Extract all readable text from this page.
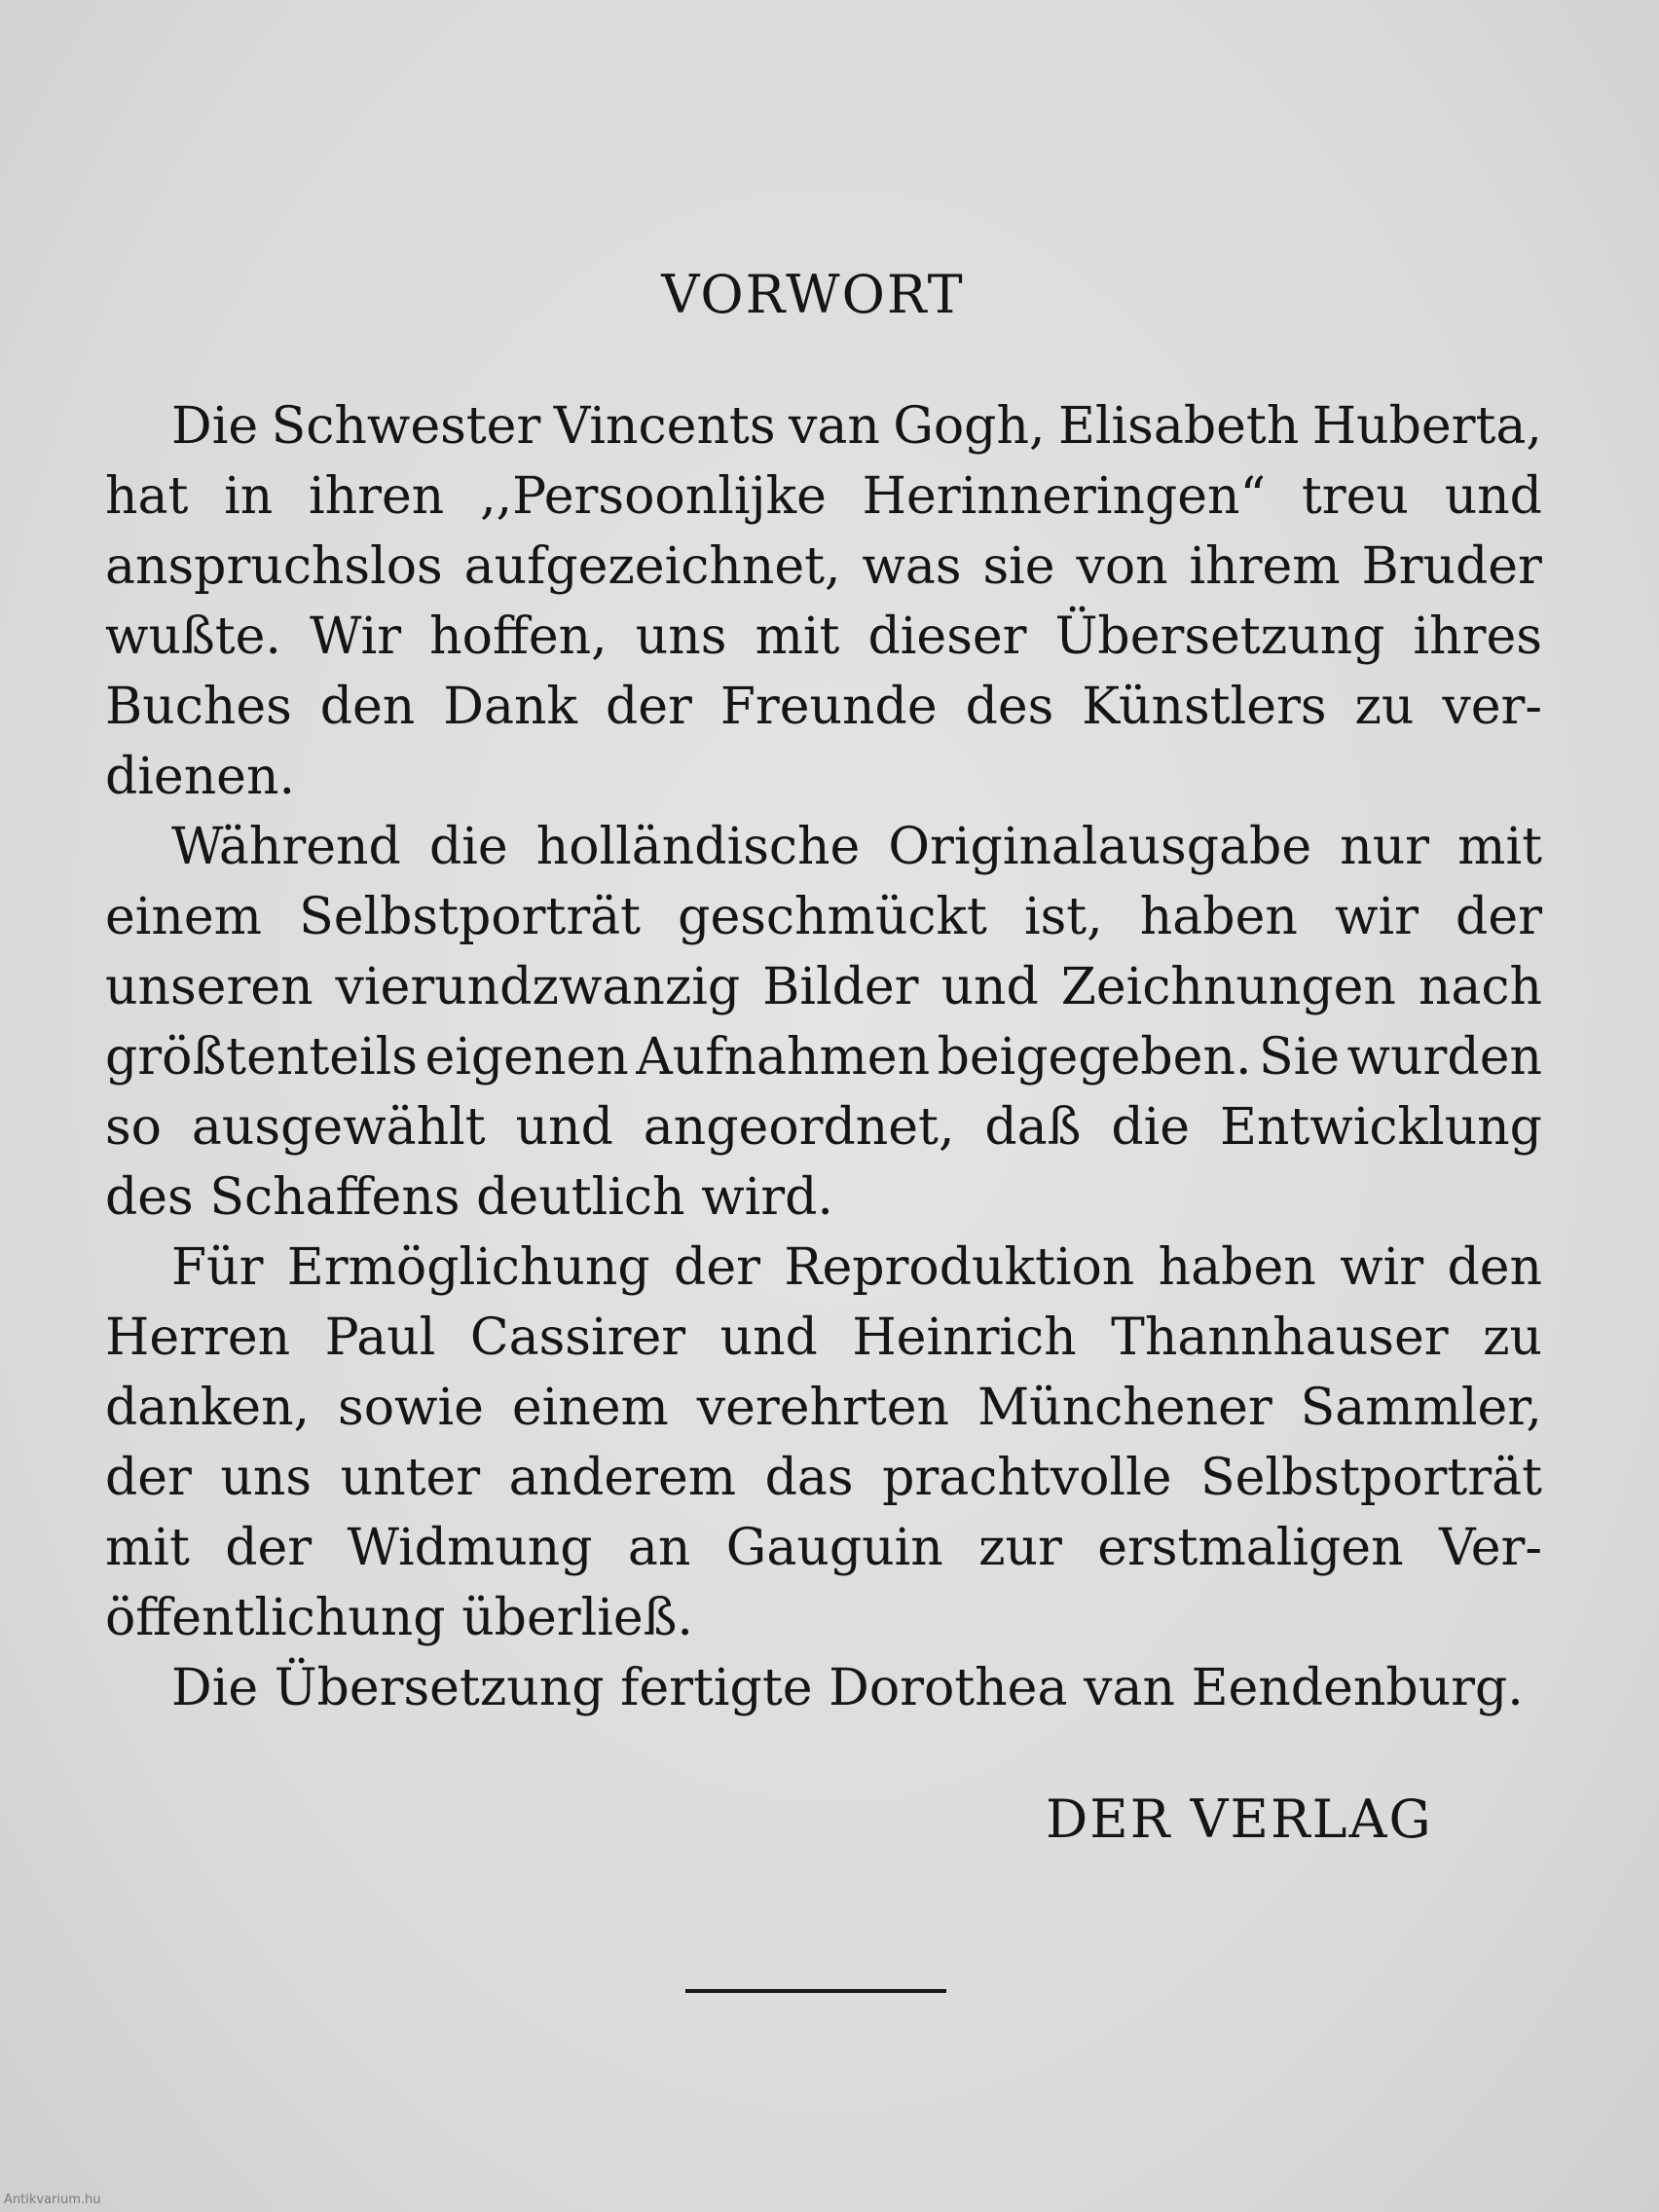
VORWORT
Die Schwester Vincents van Gogh, Elisabeth Huberta,
hat in ihren ,,Persoonlijke Herinneringen“ treu und
anspruchslos aufgezeichnet, was sie von ihrem Bruder
wußte. Wir hoffen, uns mit dieser Übersetzung ihres
Buches den Dank der Freunde des Künstlers zu ver-
dienen.
Während die holländische Originalausgabe nur mit
einem Selbstporträt geschmückt ist, haben wir der
unseren vierundzwanzig Bilder und Zeichnungen nach
größtenteils eigenen Aufnahmen beigegeben. Sie wurden
so ausgewählt und angeordnet, daß die Entwicklung
des Schaffens deutlich wird.
Für Ermöglichung der Reproduktion haben wir den
Herren Paul Cassirer und Heinrich Thannhauser zu
danken, sowie einem verehrten Münchener Sammler,
der uns unter anderem das prachtvolle Selbstporträt
mit der Widmung an Gauguin zur erstmaligen Ver-
öffentlichung überließ.
Die Übersetzung fertigte Dorothea van Eendenburg.
DER VERLAG
Antikvarium.hu
